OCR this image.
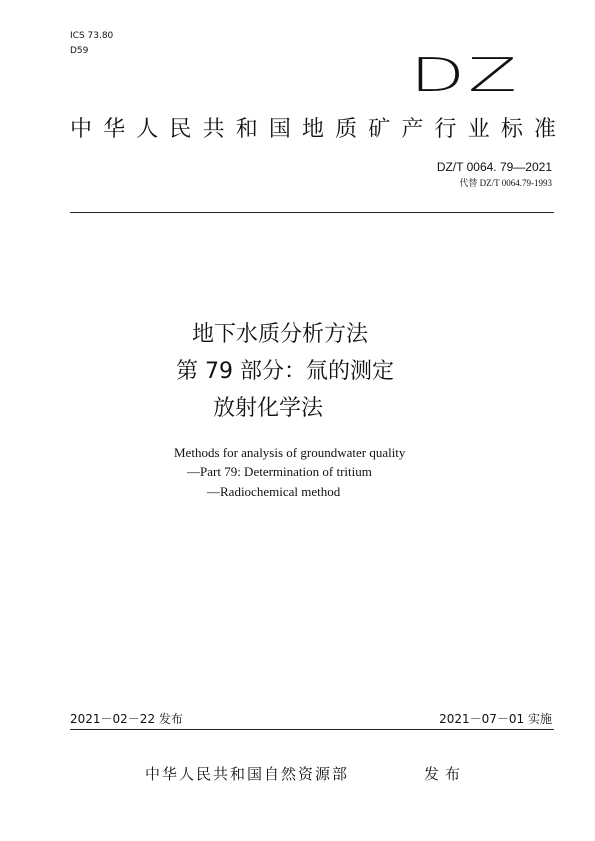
ICS 73.80
D59	DZ
中 华 人 民 共 和 国 地 质 矿 产 行 业 标 准
DZ/T 0064. 79—2021
代替 DZ/T 0064.79-1993
地下水质分析方法
第 79 部分：氚的测定
放射化学法
Methods for analysis of groundwater quality
—Part 79: Determination of tritium
—Radiochemical method
2021－02－22 发布	2021－07－01 实施
中华人民共和国自然资源部	发布
